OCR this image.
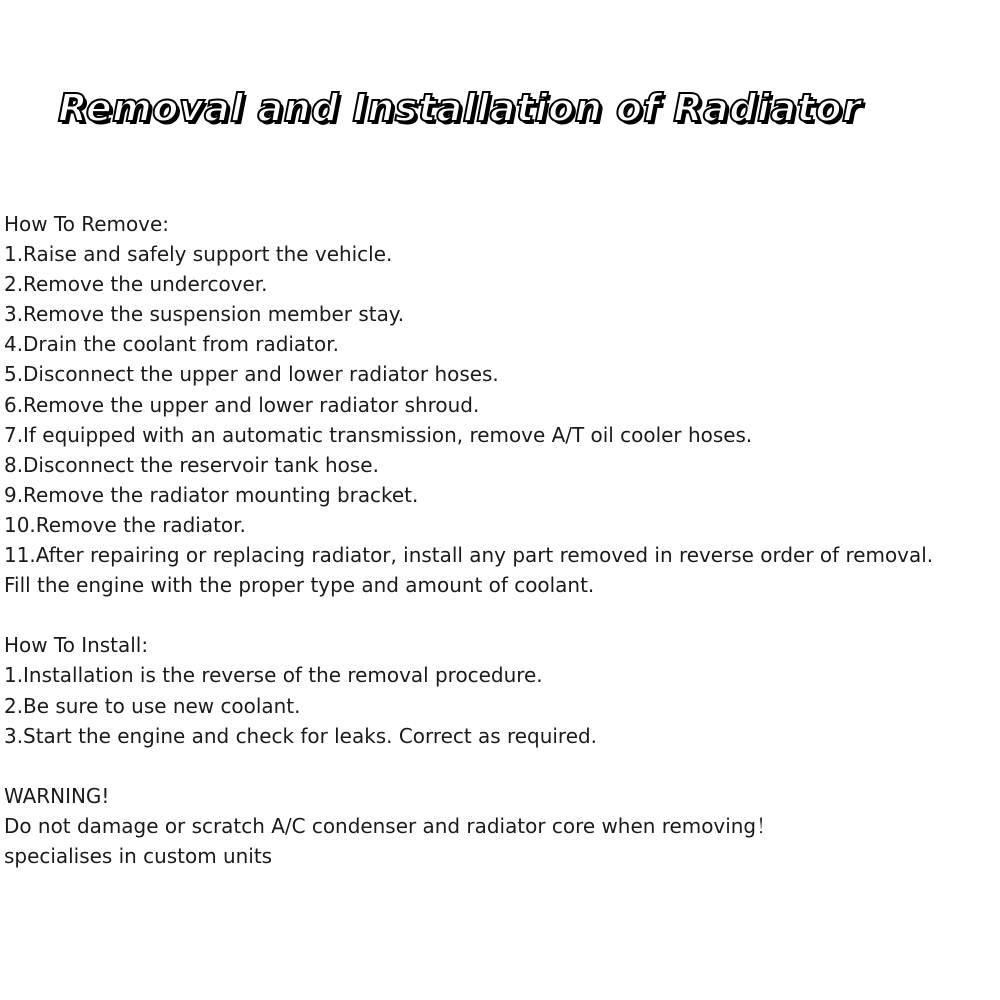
Removal and Installation of Radiator

How To Remove:

1.Raise and safely support the vehicle.

2.Remove the undercover.

3.Remove the suspension member stay.

4.Drain the coolant from radiator.

5.Disconnect the upper and lower radiator hoses.

6.Remove the upper and lower radiator shroud.

7.If equipped with an automatic transmission, remove A/T oil cooler hoses.

8.Disconnect the reservoir tank hose.

9.Remove the radiator mounting bracket.

10.Remove the radiator.

11.After repairing or replacing radiator, install any part removed in reverse order of removal.

Fill the engine with the proper type and amount of coolant.

How To Install:

1.Installation is the reverse of the removal procedure.

2.Be sure to use new coolant.

3.Start the engine and check for leaks. Correct as required.

WARNING!

Do not damage or scratch A/C condenser and radiator core when removing！

specialises in custom units
